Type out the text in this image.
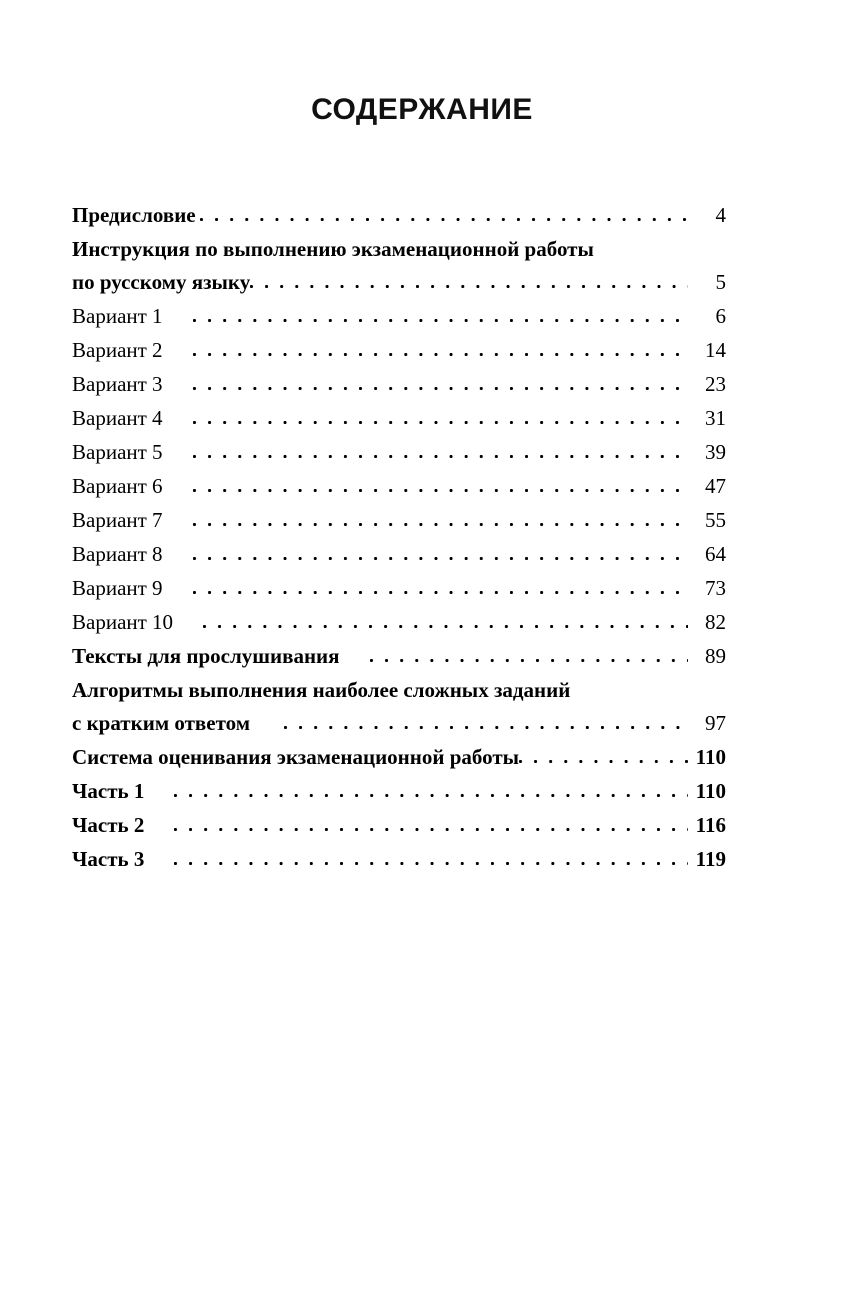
СОДЕРЖАНИЕ
Предисловие	4
Инструкция по выполнению экзаменационной работы
по русскому языку	5
Вариант 1	6
Вариант 2	14
Вариант 3	23
Вариант 4	31
Вариант 5	39
Вариант 6	47
Вариант 7	55
Вариант 8	64
Вариант 9	73
Вариант 10	82
Тексты для прослушивания	89
Алгоритмы выполнения наиболее сложных заданий
с кратким ответом	97
Система оценивания экзаменационной работы	110
Часть 1	110
Часть 2	116
Часть 3	119
